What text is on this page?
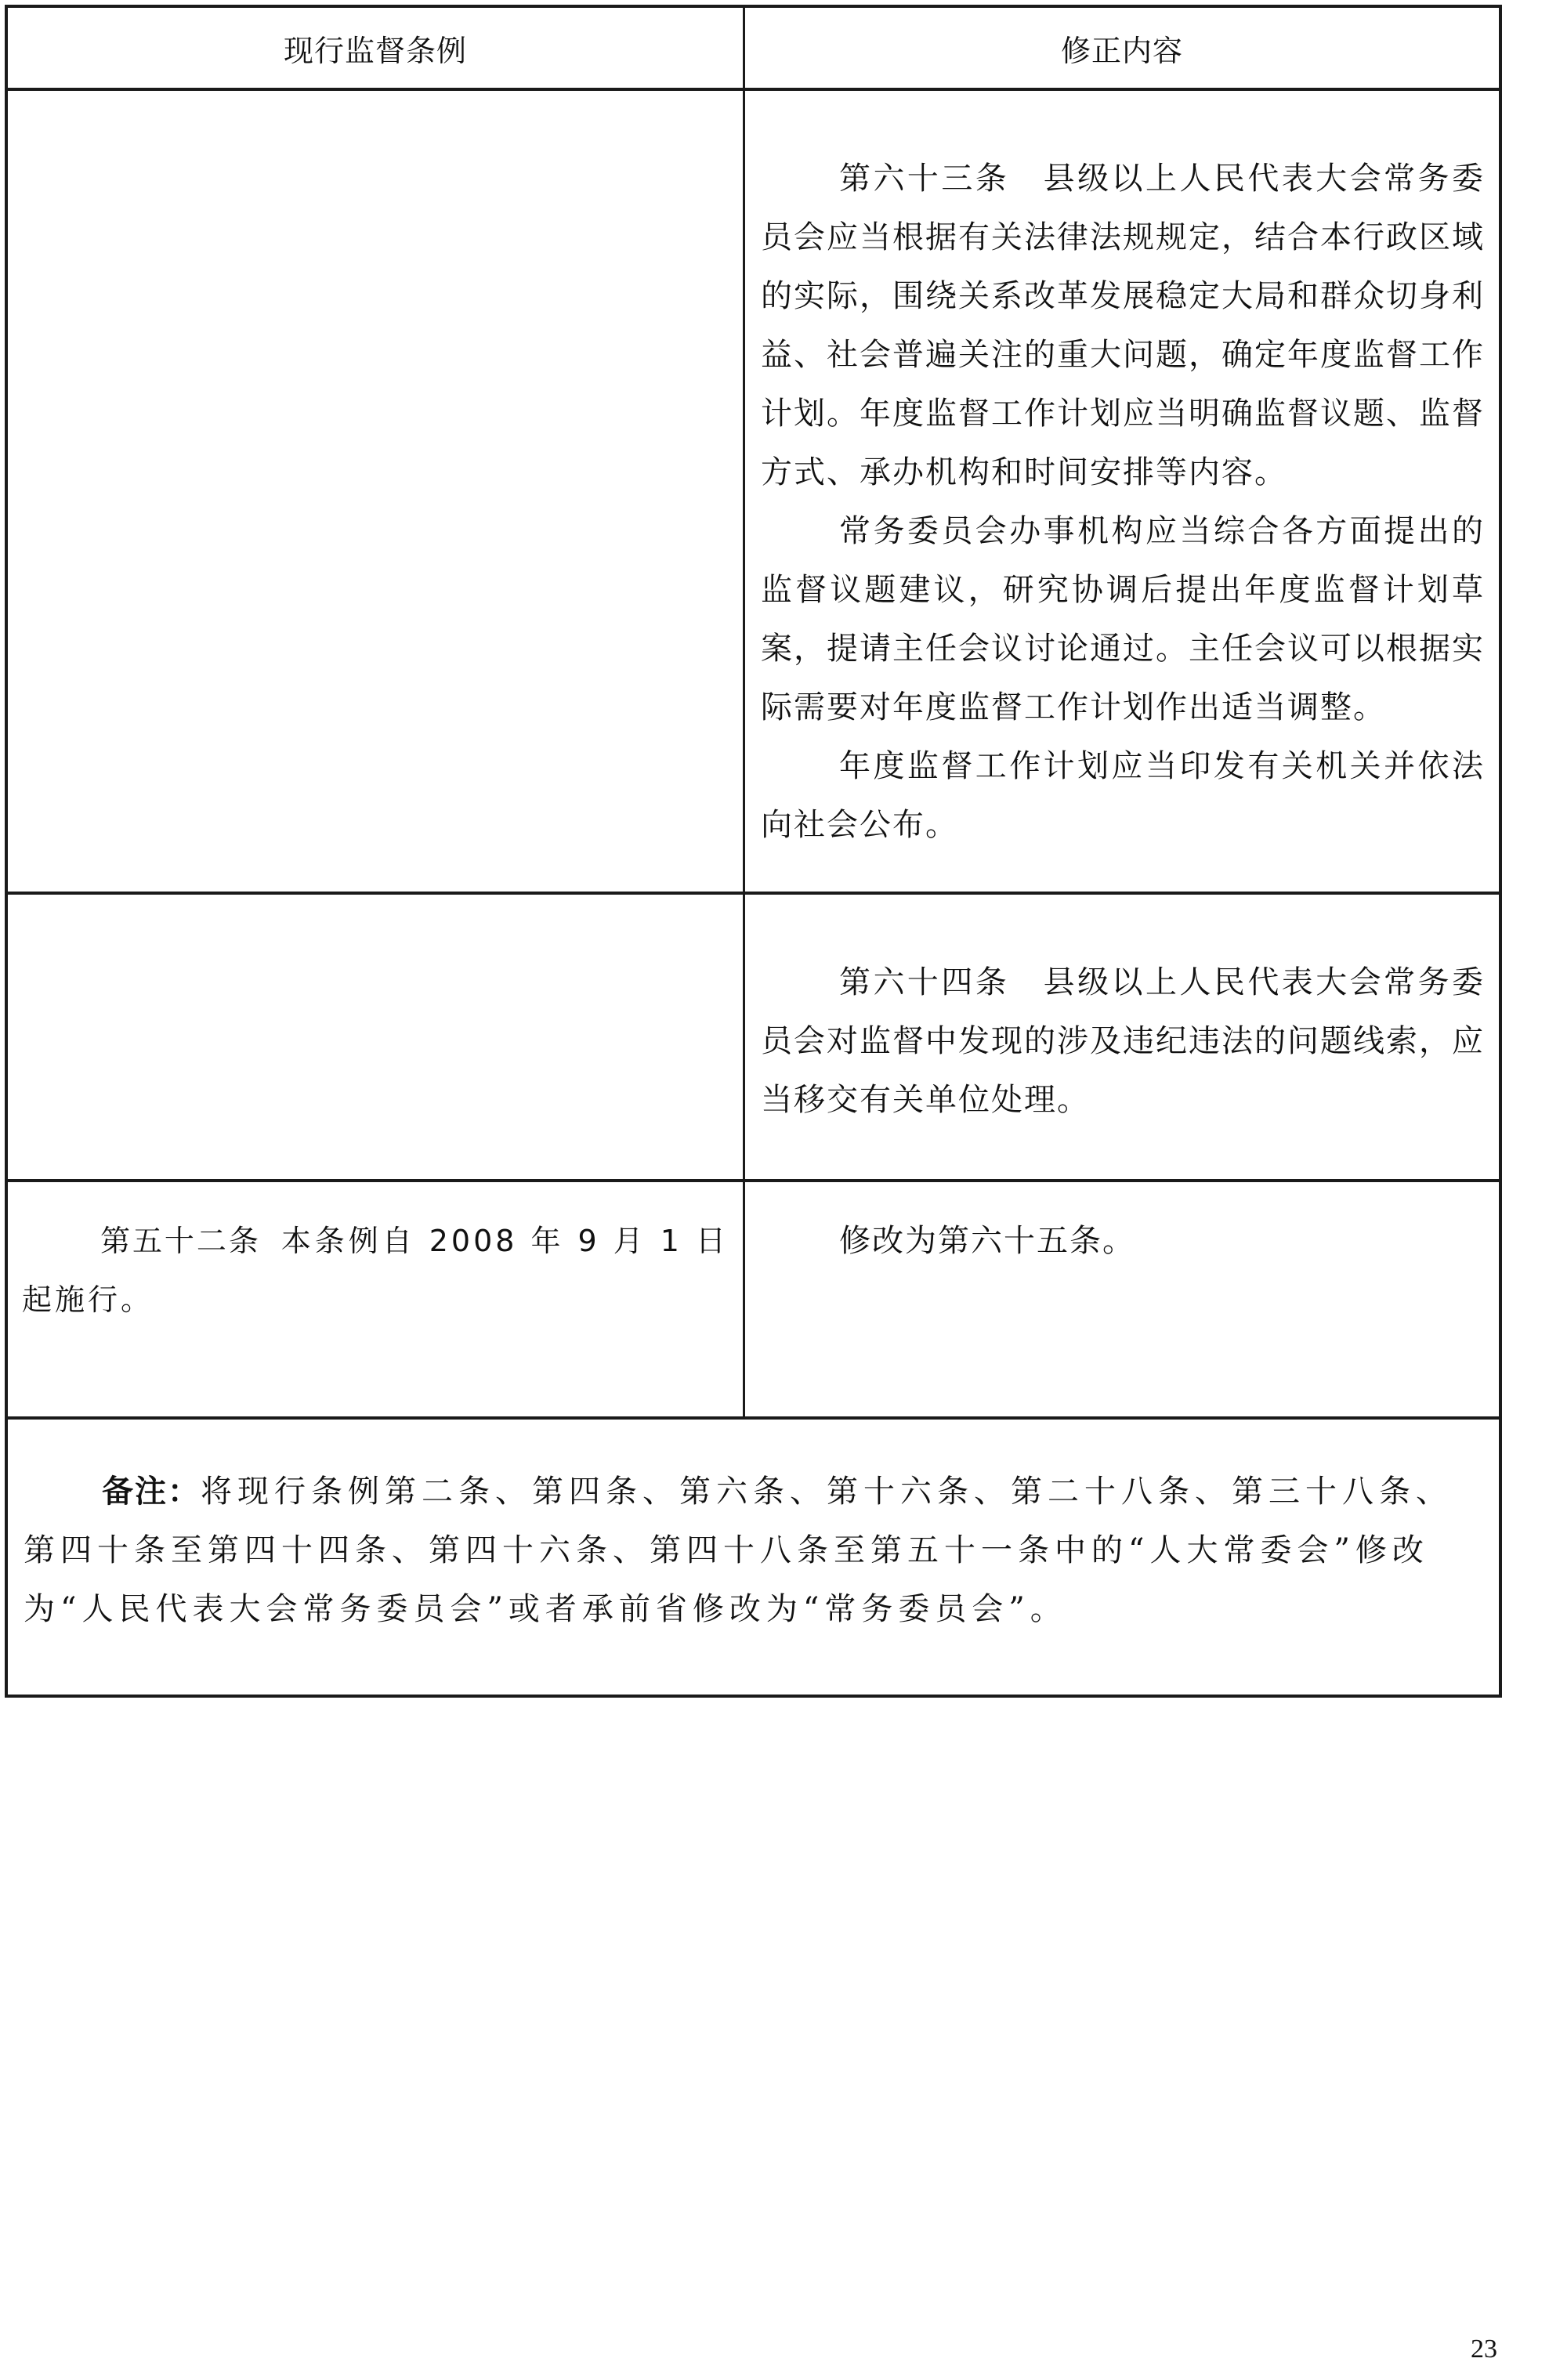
现行监督条例	修正内容

第六十三条　县级以上人民代表大会常务委员会应当根据有关法律法规规定，结合本行政区域的实际，围绕关系改革发展稳定大局和群众切身利益、社会普遍关注的重大问题，确定年度监督工作计划。年度监督工作计划应当明确监督议题、监督方式、承办机构和时间安排等内容。

常务委员会办事机构应当综合各方面提出的监督议题建议，研究协调后提出年度监督计划草案，提请主任会议讨论通过。主任会议可以根据实际需要对年度监督工作计划作出适当调整。

年度监督工作计划应当印发有关机关并依法向社会公布。

第六十四条　县级以上人民代表大会常务委员会对监督中发现的涉及违纪违法的问题线索，应当移交有关单位处理。

第五十二条 本条例自 2008 年 9 月 1 日起施行。

修改为第六十五条。

备注：将现行条例第二条、第四条、第六条、第十六条、第二十八条、第三十八条、第四十条至第四十四条、第四十六条、第四十八条至第五十一条中的“人大常委会”修改为“人民代表大会常务委员会”或者承前省修改为“常务委员会”。

23
